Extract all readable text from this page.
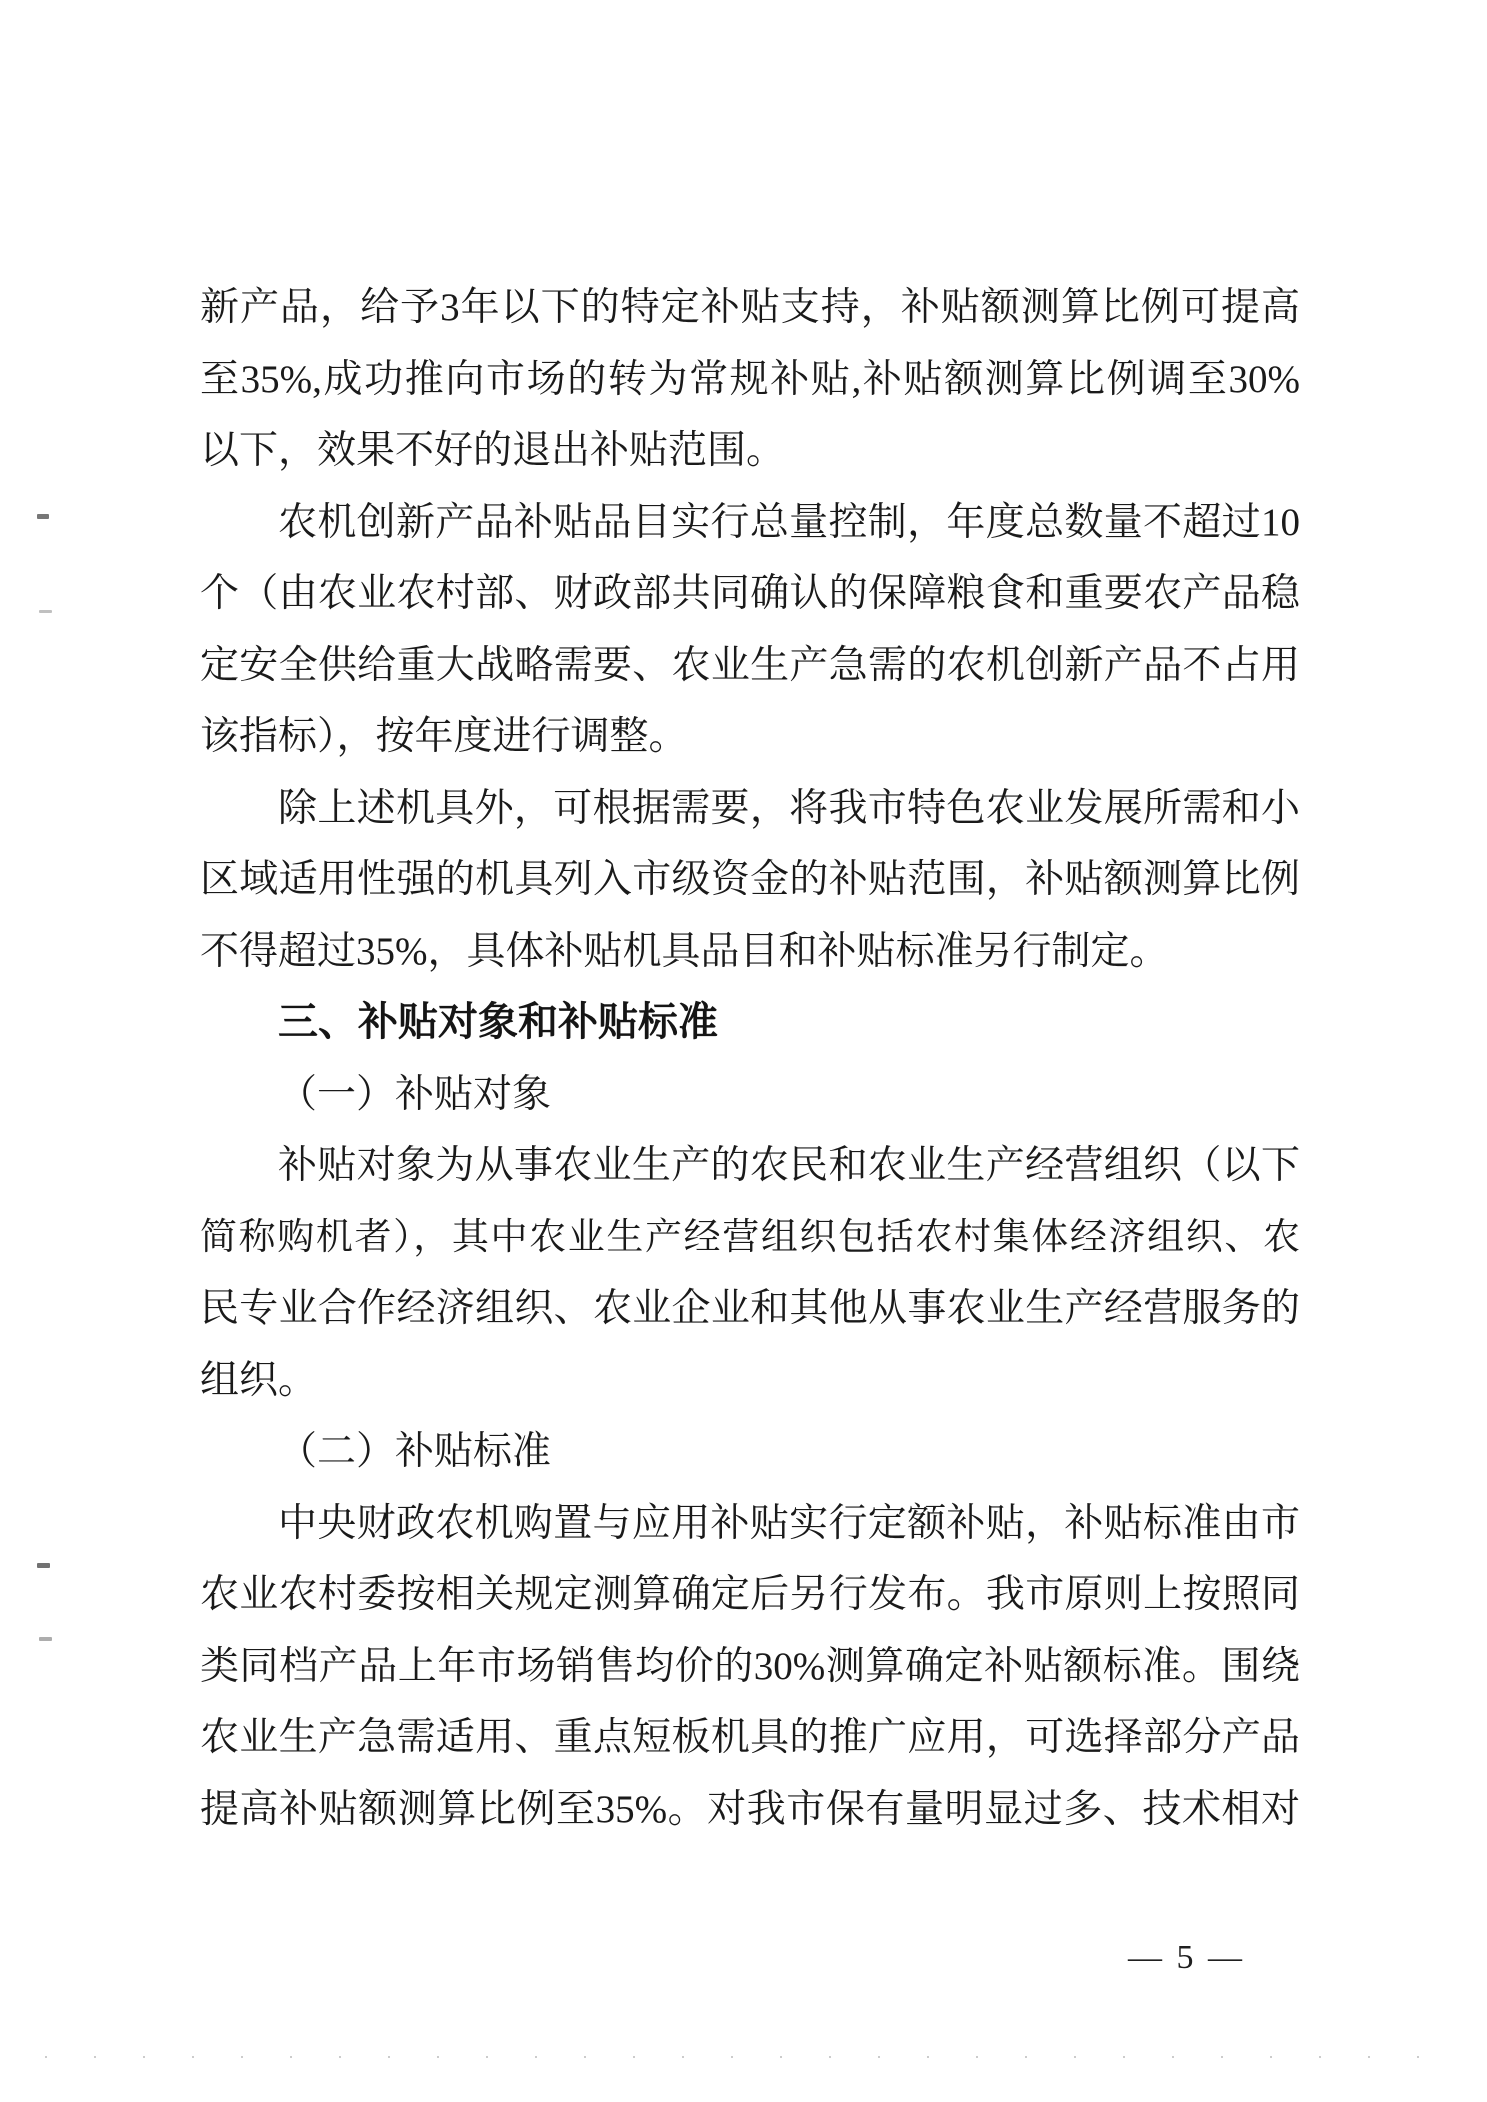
新产品，给予3年以下的特定补贴支持，补贴额测算比例可提高
至35%,成功推向市场的转为常规补贴,补贴额测算比例调至30%
以下，效果不好的退出补贴范围。
农机创新产品补贴品目实行总量控制，年度总数量不超过10
个（由农业农村部、财政部共同确认的保障粮食和重要农产品稳
定安全供给重大战略需要、农业生产急需的农机创新产品不占用
该指标），按年度进行调整。
除上述机具外，可根据需要，将我市特色农业发展所需和小
区域适用性强的机具列入市级资金的补贴范围，补贴额测算比例
不得超过35%，具体补贴机具品目和补贴标准另行制定。
三、补贴对象和补贴标准
（一）补贴对象
补贴对象为从事农业生产的农民和农业生产经营组织（以下
简称购机者），其中农业生产经营组织包括农村集体经济组织、农
民专业合作经济组织、农业企业和其他从事农业生产经营服务的
组织。
（二）补贴标准
中央财政农机购置与应用补贴实行定额补贴，补贴标准由市
农业农村委按相关规定测算确定后另行发布。我市原则上按照同
类同档产品上年市场销售均价的30%测算确定补贴额标准。围绕
农业生产急需适用、重点短板机具的推广应用，可选择部分产品
提高补贴额测算比例至35%。对我市保有量明显过多、技术相对
— 5 —
